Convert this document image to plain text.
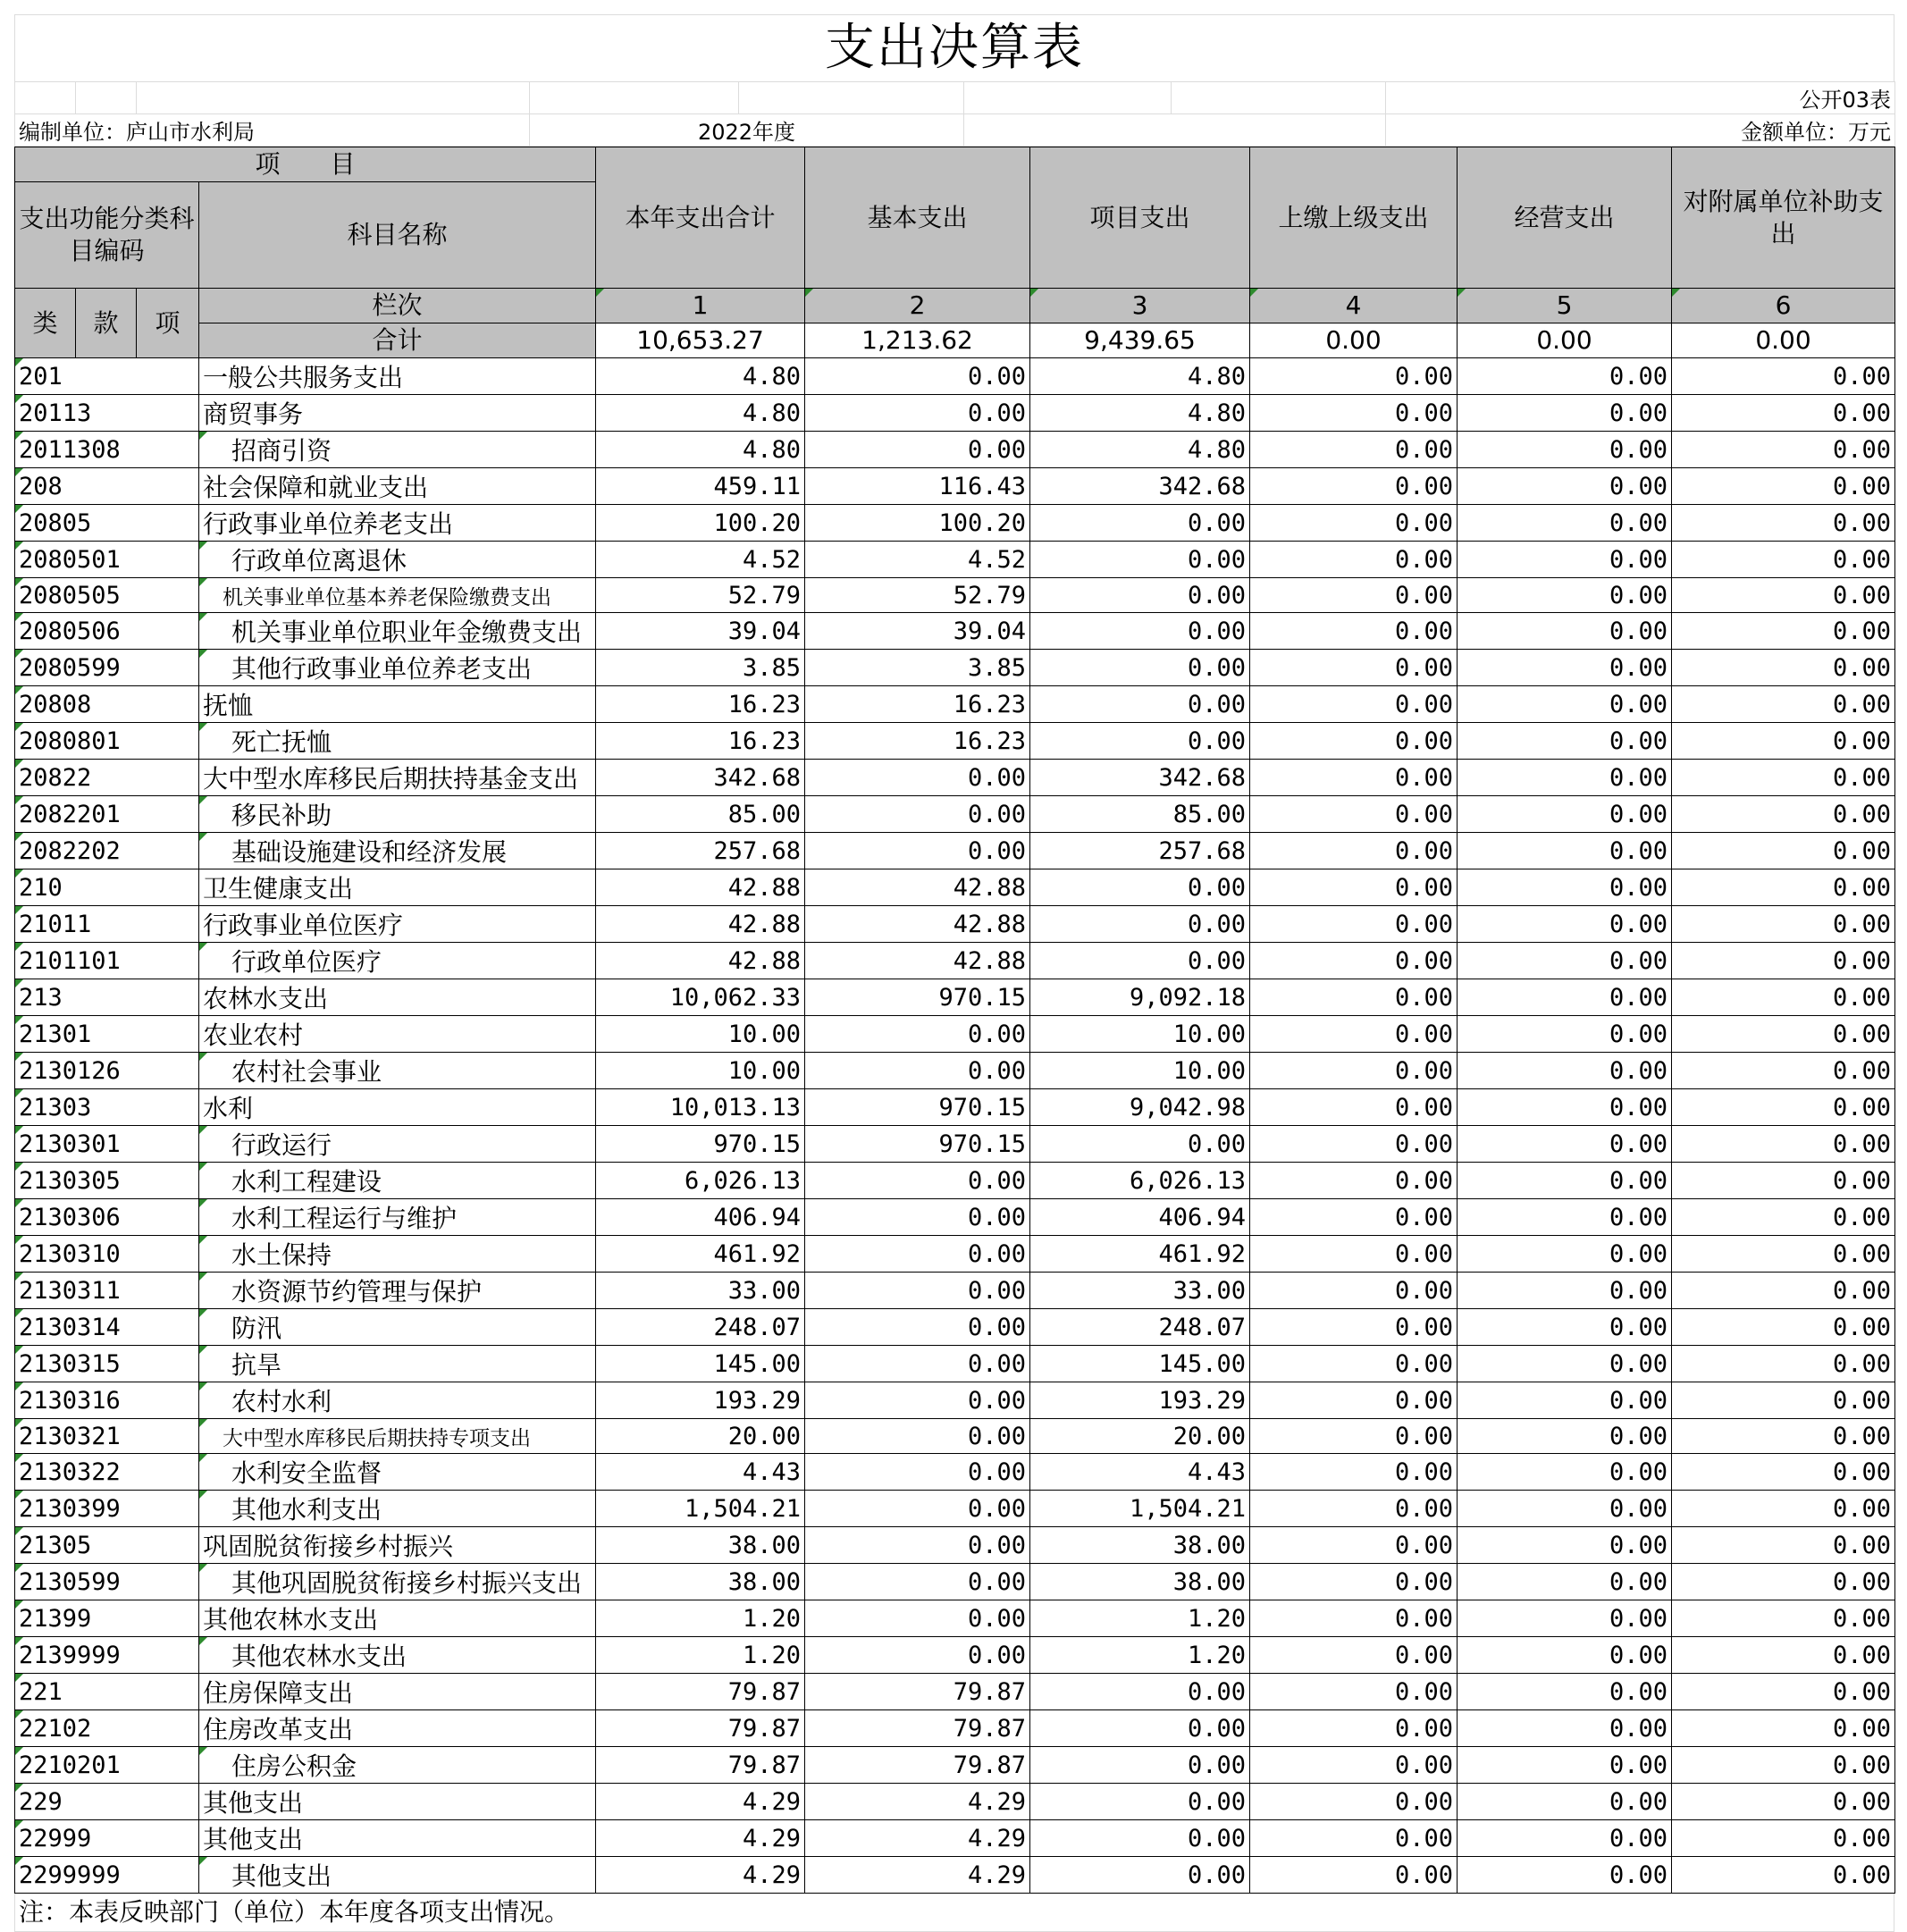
支出决算表
							公开03表
编制单位：庐山市水利局			2022年度				金额单位：万元
项　　目				本年支出合计	基本支出	项目支出	上缴上级支出	经营支出	对附属单位补助支出
支出功能分类科目编码			科目名称						
类	款	项	栏次	1	2	3	4	5	6
			合计	10,653.27	1,213.62	9,439.65	0.00	0.00	0.00
201			一般公共服务支出	4.80	0.00	4.80	0.00	0.00	0.00
20113			商贸事务	4.80	0.00	4.80	0.00	0.00	0.00
2011308			招商引资	4.80	0.00	4.80	0.00	0.00	0.00
208			社会保障和就业支出	459.11	116.43	342.68	0.00	0.00	0.00
20805			行政事业单位养老支出	100.20	100.20	0.00	0.00	0.00	0.00
2080501			行政单位离退休	4.52	4.52	0.00	0.00	0.00	0.00
2080505			机关事业单位基本养老保险缴费支出	52.79	52.79	0.00	0.00	0.00	0.00
2080506			机关事业单位职业年金缴费支出	39.04	39.04	0.00	0.00	0.00	0.00
2080599			其他行政事业单位养老支出	3.85	3.85	0.00	0.00	0.00	0.00
20808			抚恤	16.23	16.23	0.00	0.00	0.00	0.00
2080801			死亡抚恤	16.23	16.23	0.00	0.00	0.00	0.00
20822			大中型水库移民后期扶持基金支出	342.68	0.00	342.68	0.00	0.00	0.00
2082201			移民补助	85.00	0.00	85.00	0.00	0.00	0.00
2082202			基础设施建设和经济发展	257.68	0.00	257.68	0.00	0.00	0.00
210			卫生健康支出	42.88	42.88	0.00	0.00	0.00	0.00
21011			行政事业单位医疗	42.88	42.88	0.00	0.00	0.00	0.00
2101101			行政单位医疗	42.88	42.88	0.00	0.00	0.00	0.00
213			农林水支出	10,062.33	970.15	9,092.18	0.00	0.00	0.00
21301			农业农村	10.00	0.00	10.00	0.00	0.00	0.00
2130126			农村社会事业	10.00	0.00	10.00	0.00	0.00	0.00
21303			水利	10,013.13	970.15	9,042.98	0.00	0.00	0.00
2130301			行政运行	970.15	970.15	0.00	0.00	0.00	0.00
2130305			水利工程建设	6,026.13	0.00	6,026.13	0.00	0.00	0.00
2130306			水利工程运行与维护	406.94	0.00	406.94	0.00	0.00	0.00
2130310			水土保持	461.92	0.00	461.92	0.00	0.00	0.00
2130311			水资源节约管理与保护	33.00	0.00	33.00	0.00	0.00	0.00
2130314			防汛	248.07	0.00	248.07	0.00	0.00	0.00
2130315			抗旱	145.00	0.00	145.00	0.00	0.00	0.00
2130316			农村水利	193.29	0.00	193.29	0.00	0.00	0.00
2130321			大中型水库移民后期扶持专项支出	20.00	0.00	20.00	0.00	0.00	0.00
2130322			水利安全监督	4.43	0.00	4.43	0.00	0.00	0.00
2130399			其他水利支出	1,504.21	0.00	1,504.21	0.00	0.00	0.00
21305			巩固脱贫衔接乡村振兴	38.00	0.00	38.00	0.00	0.00	0.00
2130599			其他巩固脱贫衔接乡村振兴支出	38.00	0.00	38.00	0.00	0.00	0.00
21399			其他农林水支出	1.20	0.00	1.20	0.00	0.00	0.00
2139999			其他农林水支出	1.20	0.00	1.20	0.00	0.00	0.00
221			住房保障支出	79.87	79.87	0.00	0.00	0.00	0.00
22102			住房改革支出	79.87	79.87	0.00	0.00	0.00	0.00
2210201			住房公积金	79.87	79.87	0.00	0.00	0.00	0.00
229			其他支出	4.29	4.29	0.00	0.00	0.00	0.00
22999			其他支出	4.29	4.29	0.00	0.00	0.00	0.00
2299999			其他支出	4.29	4.29	0.00	0.00	0.00	0.00
注：本表反映部门（单位）本年度各项支出情况。
